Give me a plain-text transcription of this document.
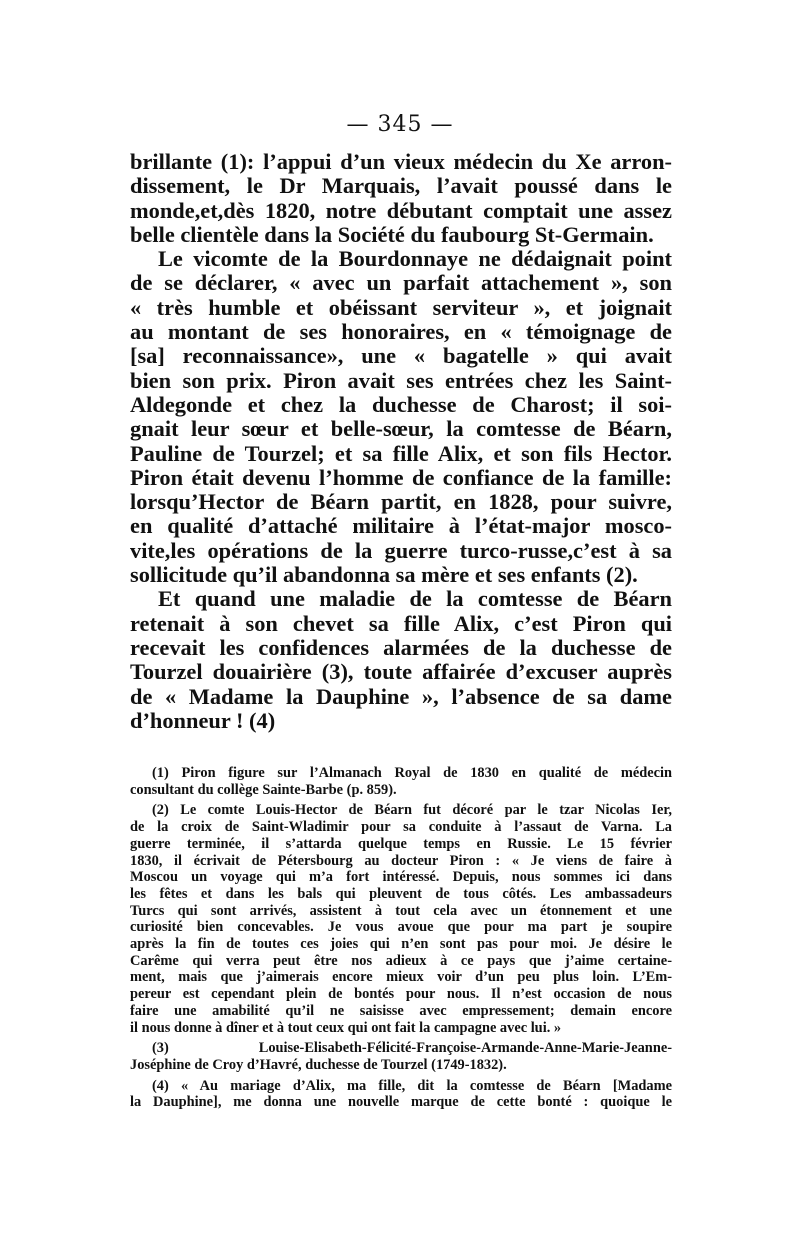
— 345 —
brillante (1): l’appui d’un vieux médecin du Xe arron-
dissement, le Dr Marquais, l’avait poussé dans le
monde,et,dès 1820, notre débutant comptait une assez
belle clientèle dans la Société du faubourg St-Germain.
Le vicomte de la Bourdonnaye ne dédaignait point
de se déclarer, « avec un parfait attachement », son
« très humble et obéissant serviteur », et joignait
au montant de ses honoraires, en « témoignage de
[sa] reconnaissance», une « bagatelle » qui avait
bien son prix. Piron avait ses entrées chez les Saint-
Aldegonde et chez la duchesse de Charost; il soi-
gnait leur sœur et belle-sœur, la comtesse de Béarn,
Pauline de Tourzel; et sa fille Alix, et son fils Hector.
Piron était devenu l’homme de confiance de la famille:
lorsqu’Hector de Béarn partit, en 1828, pour suivre,
en qualité d’attaché militaire à l’état-major mosco-
vite,les opérations de la guerre turco-russe,c’est à sa
sollicitude qu’il abandonna sa mère et ses enfants (2).
Et quand une maladie de la comtesse de Béarn
retenait à son chevet sa fille Alix, c’est Piron qui
recevait les confidences alarmées de la duchesse de
Tourzel douairière (3), toute affairée d’excuser auprès
de « Madame la Dauphine », l’absence de sa dame
d’honneur ! (4)
(1) Piron figure sur l’Almanach Royal de 1830 en qualité de médecin
consultant du collège Sainte-Barbe (p. 859).
(2) Le comte Louis-Hector de Béarn fut décoré par le tzar Nicolas Ier,
de la croix de Saint-Wladimir pour sa conduite à l’assaut de Varna. La
guerre terminée, il s’attarda quelque temps en Russie. Le 15 février
1830, il écrivait de Pétersbourg au docteur Piron : « Je viens de faire à
Moscou un voyage qui m’a fort intéressé. Depuis, nous sommes ici dans
les fêtes et dans les bals qui pleuvent de tous côtés. Les ambassadeurs
Turcs qui sont arrivés, assistent à tout cela avec un étonnement et une
curiosité bien concevables. Je vous avoue que pour ma part je soupire
après la fin de toutes ces joies qui n’en sont pas pour moi. Je désire le
Carême qui verra peut être nos adieux à ce pays que j’aime certaine-
ment, mais que j’aimerais encore mieux voir d’un peu plus loin. L’Em-
pereur est cependant plein de bontés pour nous. Il n’est occasion de nous
faire une amabilité qu’il ne saisisse avec empressement; demain encore
il nous donne à dîner et à tout ceux qui ont fait la campagne avec lui. »
(3) Louise-Elisabeth-Félicité-Françoise-Armande-Anne-Marie-Jeanne-
Joséphine de Croy d’Havré, duchesse de Tourzel (1749-1832).
(4) « Au mariage d’Alix, ma fille, dit la comtesse de Béarn [Madame
la Dauphine], me donna une nouvelle marque de cette bonté : quoique le
